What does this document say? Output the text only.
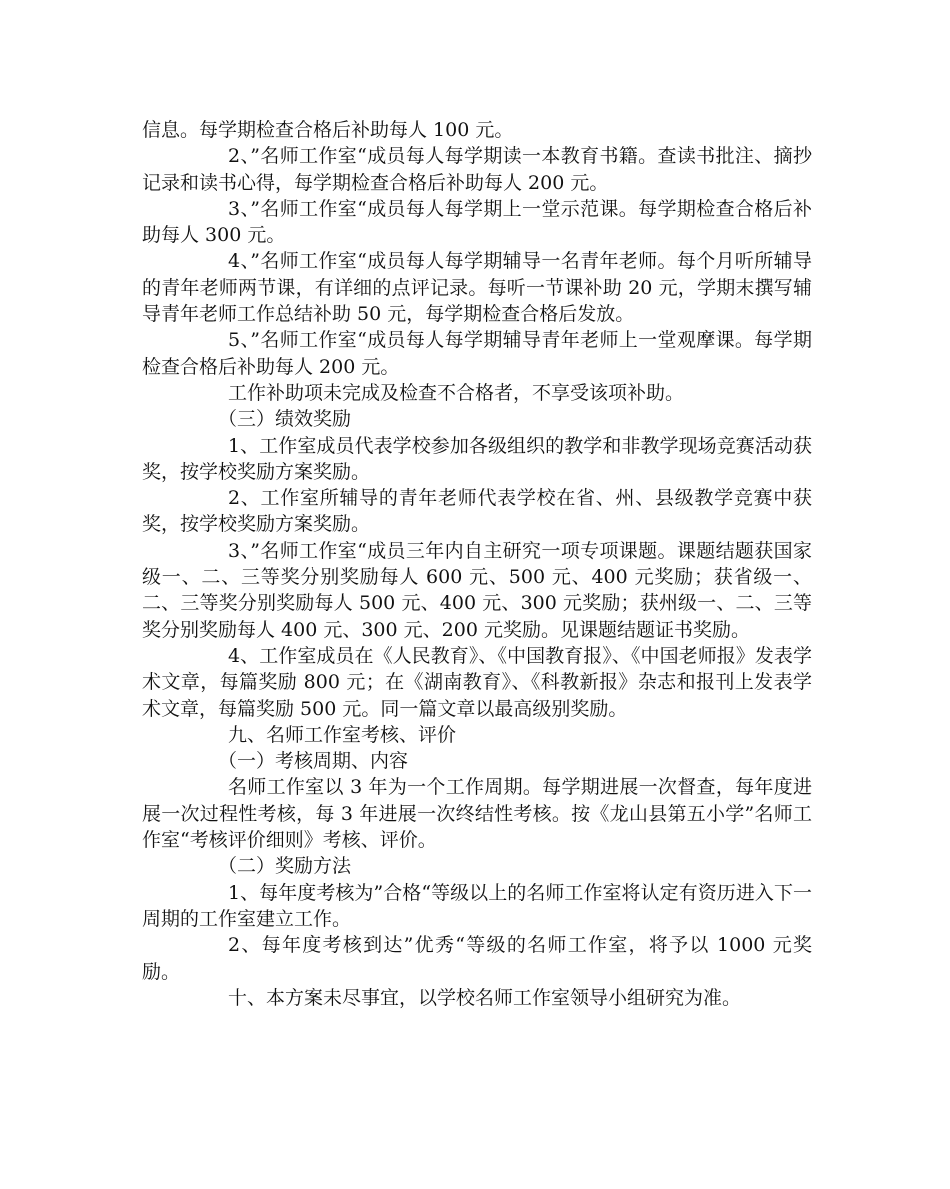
信息。每学期检查合格后补助每人 100 元。

2、”名师工作室“成员每人每学期读一本教育书籍。查读书批注、摘抄记录和读书心得，每学期检查合格后补助每人 200 元。

3、”名师工作室“成员每人每学期上一堂示范课。每学期检查合格后补助每人 300 元。

4、”名师工作室“成员每人每学期辅导一名青年老师。每个月听所辅导的青年老师两节课，有详细的点评记录。每听一节课补助 20 元，学期末撰写辅导青年老师工作总结补助 50 元，每学期检查合格后发放。

5、”名师工作室“成员每人每学期辅导青年老师上一堂观摩课。每学期检查合格后补助每人 200 元。

工作补助项未完成及检查不合格者，不享受该项补助。

（三）绩效奖励

1、工作室成员代表学校参加各级组织的教学和非教学现场竞赛活动获奖，按学校奖励方案奖励。

2、工作室所辅导的青年老师代表学校在省、州、县级教学竞赛中获奖，按学校奖励方案奖励。

3、”名师工作室“成员三年内自主研究一项专项课题。课题结题获国家级一、二、三等奖分别奖励每人 600 元、500 元、400 元奖励；获省级一、二、三等奖分别奖励每人 500 元、400 元、300 元奖励；获州级一、二、三等奖分别奖励每人 400 元、300 元、200 元奖励。见课题结题证书奖励。

4、工作室成员在《人民教育》、《中国教育报》、《中国老师报》发表学术文章，每篇奖励 800 元；在《湖南教育》、《科教新报》杂志和报刊上发表学术文章，每篇奖励 500 元。同一篇文章以最高级别奖励。

九、名师工作室考核、评价

（一）考核周期、内容

名师工作室以 3 年为一个工作周期。每学期进展一次督查，每年度进展一次过程性考核，每 3 年进展一次终结性考核。按《龙山县第五小学”名师工作室“考核评价细则》考核、评价。

（二）奖励方法

1、每年度考核为”合格“等级以上的名师工作室将认定有资历进入下一周期的工作室建立工作。

2、每年度考核到达”优秀“等级的名师工作室，将予以 1000 元奖励。

十、本方案未尽事宜，以学校名师工作室领导小组研究为准。
